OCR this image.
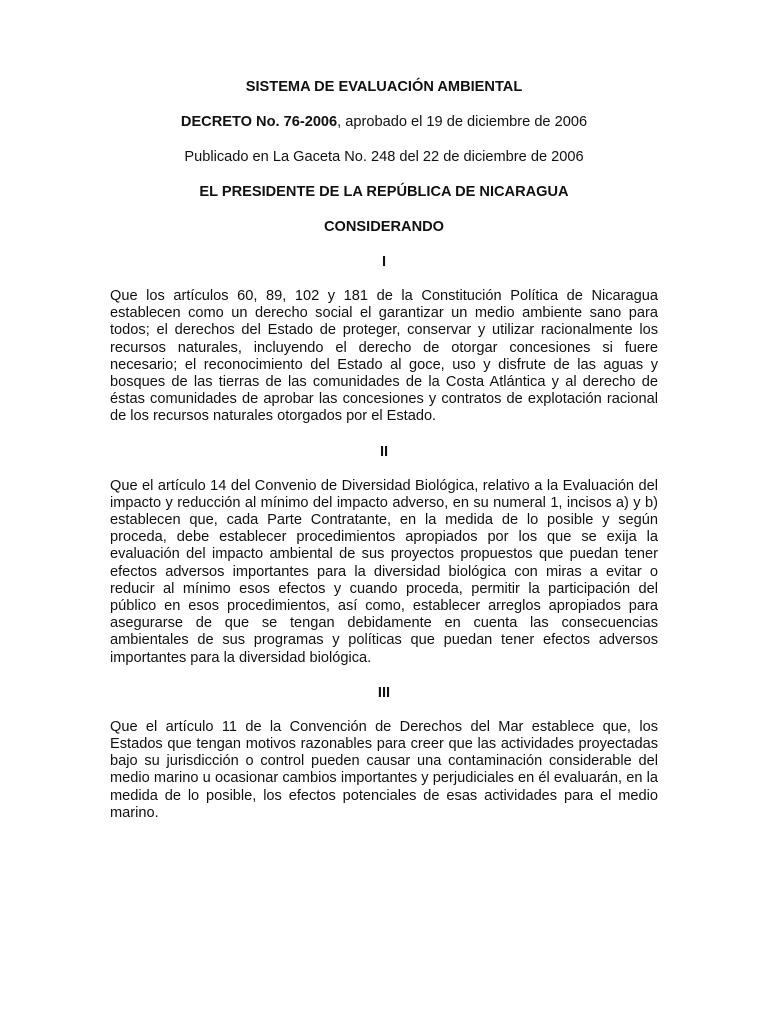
SISTEMA DE EVALUACIÓN AMBIENTAL

DECRETO No. 76-2006, aprobado el 19 de diciembre de 2006

Publicado en La Gaceta No. 248 del 22 de diciembre de 2006

EL PRESIDENTE DE LA REPÚBLICA DE NICARAGUA

CONSIDERANDO

I

Que los artículos 60, 89, 102 y 181 de la Constitución Política de Nicaragua establecen como un derecho social el garantizar un medio ambiente sano para todos; el derechos del Estado de proteger, conservar y utilizar racionalmente los recursos naturales, incluyendo el derecho de otorgar concesiones si fuere necesario; el reconocimiento del Estado al goce, uso y disfrute de las aguas y bosques de las tierras de las comunidades de la Costa Atlántica y al derecho de éstas comunidades de aprobar las concesiones y contratos de explotación racional de los recursos naturales otorgados por el Estado.

II

Que el artículo 14 del Convenio de Diversidad Biológica, relativo a la Evaluación del impacto y reducción al mínimo del impacto adverso, en su numeral 1, incisos a) y b) establecen que, cada Parte Contratante, en la medida de lo posible y según proceda, debe establecer procedimientos apropiados por los que se exija la evaluación del impacto ambiental de sus proyectos propuestos que puedan tener efectos adversos importantes para la diversidad biológica con miras a evitar o reducir al mínimo esos efectos y cuando proceda, permitir la participación del público en esos procedimientos, así como, establecer arreglos apropiados para asegurarse de que se tengan debidamente en cuenta las consecuencias ambientales de sus programas y políticas que puedan tener efectos adversos importantes para la diversidad biológica.

III

Que el artículo 11 de la Convención de Derechos del Mar establece que, los Estados que tengan motivos razonables para creer que las actividades proyectadas bajo su jurisdicción o control pueden causar una contaminación considerable del medio marino u ocasionar cambios importantes y perjudiciales en él evaluarán, en la medida de lo posible, los efectos potenciales de esas actividades para el medio marino.
